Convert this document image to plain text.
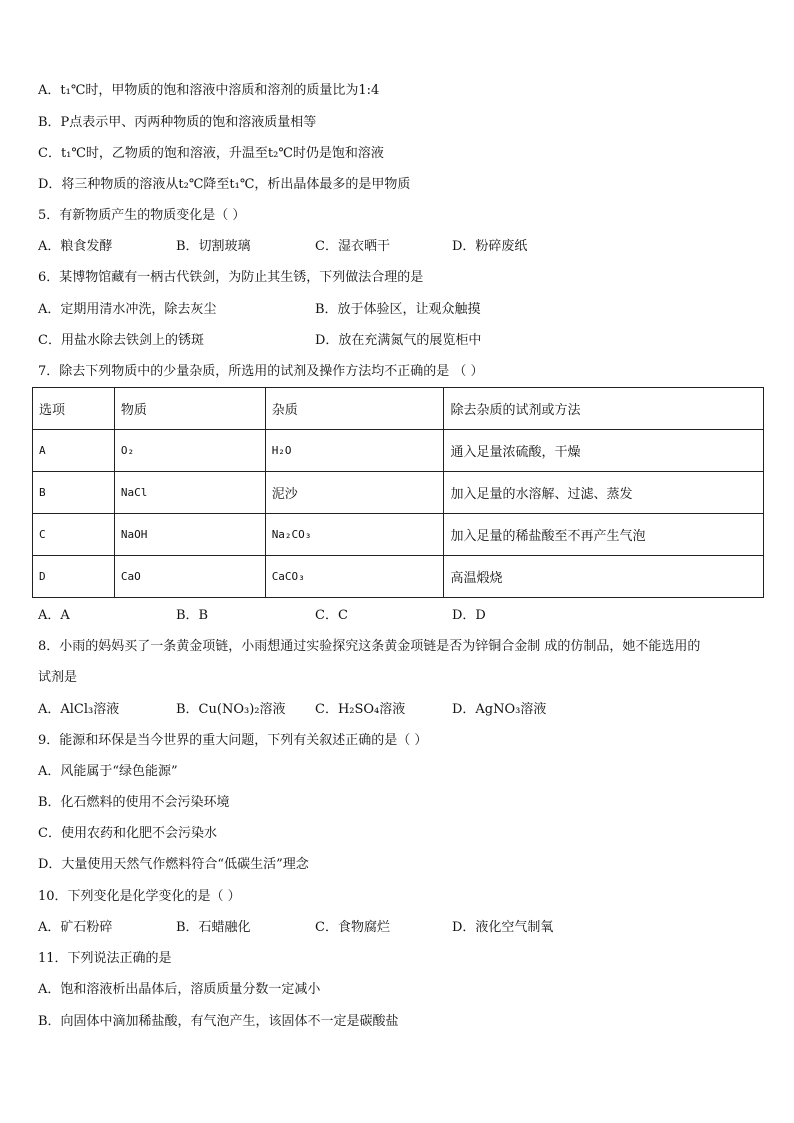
A．t₁℃时，甲物质的饱和溶液中溶质和溶剂的质量比为1:4
B．P点表示甲、丙两种物质的饱和溶液质量相等
C．t₁℃时，乙物质的饱和溶液，升温至t₂℃时仍是饱和溶液
D．将三种物质的溶液从t₂℃降至t₁℃，析出晶体最多的是甲物质
5．有新物质产生的物质变化是（ ）
A．粮食发酵	B．切割玻璃	C．湿衣晒干	D．粉碎废纸
6．某博物馆藏有一柄古代铁剑，为防止其生锈，下列做法合理的是
A．定期用清水冲洗，除去灰尘	B．放于体验区，让观众触摸
C．用盐水除去铁剑上的锈斑	D．放在充满氮气的展览柜中
7．除去下列物质中的少量杂质，所选用的试剂及操作方法均不正确的是 （ ）
选项	物质	杂质	除去杂质的试剂或方法
A	O₂	H₂O	通入足量浓硫酸，干燥
B	NaCl	泥沙	加入足量的水溶解、过滤、蒸发
C	NaOH	Na₂CO₃	加入足量的稀盐酸至不再产生气泡
D	CaO	CaCO₃	高温煅烧
A．A	B．B	C．C	D．D
8．小雨的妈妈买了一条黄金项链，小雨想通过实验探究这条黄金项链是否为锌铜合金制 成的仿制品，她不能选用的
试剂是
A．AlCl₃溶液	B．Cu(NO₃)₂溶液 C．H₂SO₄溶液	D．AgNO₃溶液
9．能源和环保是当今世界的重大问题，下列有关叙述正确的是（ ）
A．风能属于“绿色能源”
B．化石燃料的使用不会污染环境
C．使用农药和化肥不会污染水
D．大量使用天然气作燃料符合“低碳生活”理念
10．下列变化是化学变化的是（ ）
A．矿石粉碎	B．石蜡融化	C．食物腐烂	D．液化空气制氧
11．下列说法正确的是
A．饱和溶液析出晶体后，溶质质量分数一定减小
B．向固体中滴加稀盐酸，有气泡产生，该固体不一定是碳酸盐
